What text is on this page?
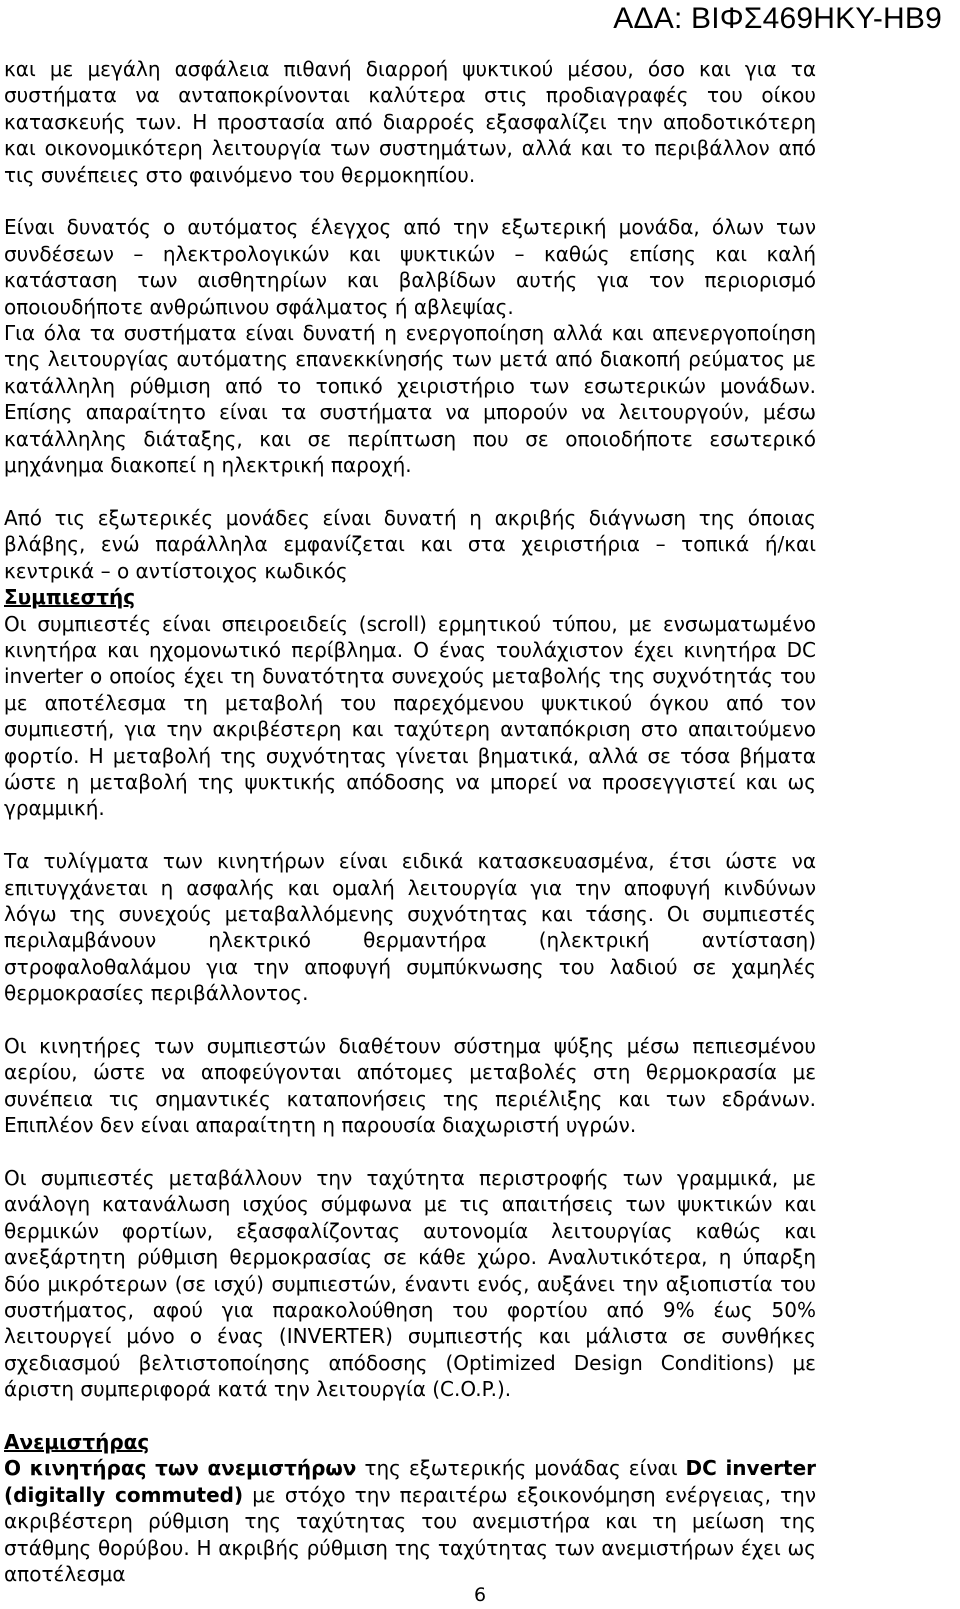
ΑΔΑ: ΒΙΦΣ469ΗΚΥ-ΗΒ9

και με μεγάλη ασφάλεια πιθανή διαρροή ψυκτικού μέσου, όσο και για τα συστήματα να ανταποκρίνονται καλύτερα στις προδιαγραφές του οίκου κατασκευής των. Η προστασία από διαρροές εξασφαλίζει την αποδοτικότερη και οικονομικότερη λειτουργία των συστημάτων, αλλά και το περιβάλλον από τις συνέπειες στο φαινόμενο του θερμοκηπίου.

Είναι δυνατός ο αυτόματος έλεγχος από την εξωτερική μονάδα, όλων των συνδέσεων – ηλεκτρολογικών και ψυκτικών – καθώς επίσης και καλή κατάσταση των αισθητηρίων και βαλβίδων αυτής για τον περιορισμό οποιουδήποτε ανθρώπινου σφάλματος ή αβλεψίας.

Για όλα τα συστήματα είναι δυνατή η ενεργοποίηση αλλά και απενεργοποίηση της λειτουργίας αυτόματης επανεκκίνησής των μετά από διακοπή ρεύματος με κατάλληλη ρύθμιση από το τοπικό χειριστήριο των εσωτερικών μονάδων. Επίσης απαραίτητο είναι τα συστήματα να μπορούν να λειτουργούν, μέσω κατάλληλης διάταξης, και σε περίπτωση που σε οποιοδήποτε εσωτερικό μηχάνημα διακοπεί η ηλεκτρική παροχή.

Από τις εξωτερικές μονάδες είναι δυνατή η ακριβής διάγνωση της όποιας βλάβης, ενώ παράλληλα εμφανίζεται και στα χειριστήρια – τοπικά ή/και κεντρικά – ο αντίστοιχος κωδικός

Συμπιεστής

Οι συμπιεστές είναι σπειροειδείς (scroll) ερμητικού τύπου, με ενσωματωμένο κινητήρα και ηχομονωτικό περίβλημα. Ο ένας τουλάχιστον έχει κινητήρα DC inverter ο οποίος έχει τη δυνατότητα συνεχούς μεταβολής της συχνότητάς του με αποτέλεσμα τη μεταβολή του παρεχόμενου ψυκτικού όγκου από τον συμπιεστή, για την ακριβέστερη και ταχύτερη ανταπόκριση στο απαιτούμενο φορτίο. Η μεταβολή της συχνότητας γίνεται βηματικά, αλλά σε τόσα βήματα ώστε η μεταβολή της ψυκτικής απόδοσης να μπορεί να προσεγγιστεί και ως γραμμική.

Τα τυλίγματα των κινητήρων είναι ειδικά κατασκευασμένα, έτσι ώστε να επιτυγχάνεται η ασφαλής και ομαλή λειτουργία για την αποφυγή κινδύνων λόγω της συνεχούς μεταβαλλόμενης συχνότητας και τάσης. Οι συμπιεστές περιλαμβάνουν ηλεκτρικό θερμαντήρα (ηλεκτρική αντίσταση) στροφαλοθαλάμου για την αποφυγή συμπύκνωσης του λαδιού σε χαμηλές θερμοκρασίες περιβάλλοντος.

Οι κινητήρες των συμπιεστών διαθέτουν σύστημα ψύξης μέσω πεπιεσμένου αερίου, ώστε να αποφεύγονται απότομες μεταβολές στη θερμοκρασία με συνέπεια τις σημαντικές καταπονήσεις της περιέλιξης και των εδράνων. Επιπλέον δεν είναι απαραίτητη η παρουσία διαχωριστή υγρών.

Οι συμπιεστές μεταβάλλουν την ταχύτητα περιστροφής των γραμμικά, με ανάλογη κατανάλωση ισχύος σύμφωνα με τις απαιτήσεις των ψυκτικών και θερμικών φορτίων, εξασφαλίζοντας αυτονομία λειτουργίας καθώς και ανεξάρτητη ρύθμιση θερμοκρασίας σε κάθε χώρο. Αναλυτικότερα, η ύπαρξη δύο μικρότερων (σε ισχύ) συμπιεστών, έναντι ενός, αυξάνει την αξιοπιστία του συστήματος, αφού για παρακολούθηση του φορτίου από 9% έως 50% λειτουργεί μόνο ο ένας (INVERTER) συμπιεστής και μάλιστα σε συνθήκες σχεδιασμού βελτιστοποίησης απόδοσης (Optimized Design Conditions) με άριστη συμπεριφορά κατά την λειτουργία (C.O.P.).

Ανεμιστήρας

Ο κινητήρας των ανεμιστήρων της εξωτερικής μονάδας είναι DC inverter (digitally commuted) με στόχο την περαιτέρω εξοικονόμηση ενέργειας, την ακριβέστερη ρύθμιση της ταχύτητας του ανεμιστήρα και τη μείωση της στάθμης θορύβου. Η ακριβής ρύθμιση της ταχύτητας των ανεμιστήρων έχει ως αποτέλεσμα

6
